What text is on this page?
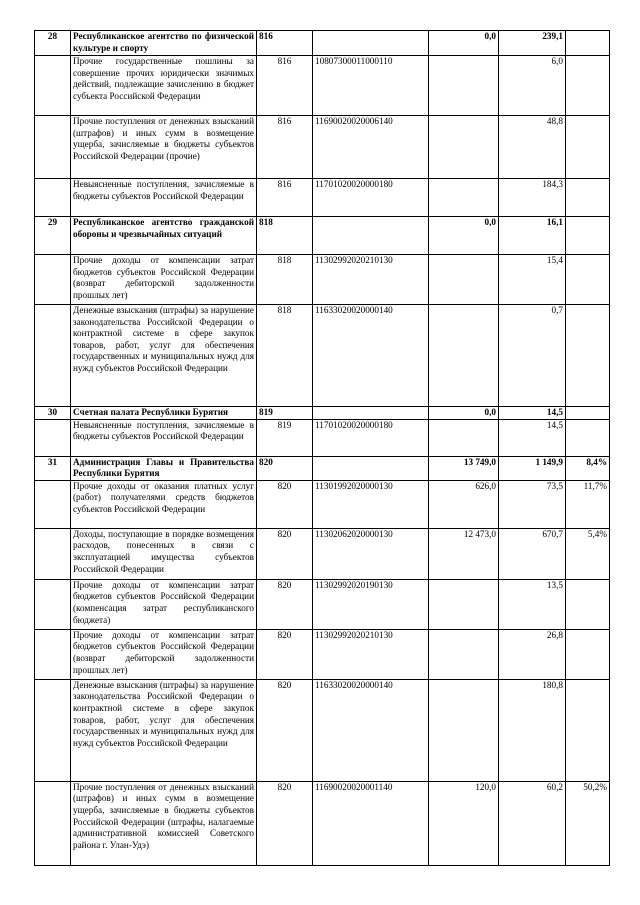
28	Республиканское агентство по физической культуре и спорту	816		0,0	239,1	
	Прочие государственные пошлины за совершение прочих юридически значимых действий, подлежащие зачислению в бюджет субъекта Российской Федерации	816	10807300011000110		6,0	
	Прочие поступления от денежных взысканий (штрафов) и иных сумм в возмещение ущерба, зачисляемые в бюджеты субъектов Российской Федерации (прочие)	816	11690020020006140		48,8	
	Невыясненные поступления, зачисляемые в бюджеты субъектов Российской Федерации	816	11701020020000180		184,3	
29	Республиканское агентство гражданской обороны и чрезвычайных ситуаций	818		0,0	16,1	
	Прочие доходы от компенсации затрат бюджетов субъектов Российской Федерации (возврат дебиторской задолженности прошлых лет)	818	11302992020210130		15,4	
	Денежные взыскания (штрафы) за нарушение законодательства Российской Федерации о контрактной системе в сфере закупок товаров, работ, услуг для обеспечения государственных и муниципальных нужд для нужд субъектов Российской Федерации	818	11633020020000140		0,7	
30	Счетная палата Республики Бурятия	819		0,0	14,5	
	Невыясненные поступления, зачисляемые в бюджеты субъектов Российской Федерации	819	11701020020000180		14,5	
31	Администрация Главы и Правительства Республики Бурятия	820		13 749,0	1 149,9	8,4%
	Прочие доходы от оказания платных услуг (работ) получателями средств бюджетов субъектов Российской Федерации	820	11301992020000130	626,0	73,5	11,7%
	Доходы, поступающие в порядке возмещения расходов, понесенных в связи с эксплуатацией имущества субъектов Российской Федерации	820	11302062020000130	12 473,0	670,7	5,4%
	Прочие доходы от компенсации затрат бюджетов субъектов Российской Федерации (компенсация затрат республиканского бюджета)	820	11302992020190130		13,5	
	Прочие доходы от компенсации затрат бюджетов субъектов Российской Федерации (возврат дебиторской задолженности прошлых лет)	820	11302992020210130		26,8	
	Денежные взыскания (штрафы) за нарушение законодательства Российской Федерации о контрактной системе в сфере закупок товаров, работ, услуг для обеспечения государственных и муниципальных нужд для нужд субъектов Российской Федерации	820	11633020020000140		180,8	
	Прочие поступления от денежных взысканий (штрафов) и иных сумм в возмещение ущерба, зачисляемые в бюджеты субъектов Российской Федерации (штрафы, налагаемые административной комиссией Советского района г. Улан-Удэ)	820	11690020020001140	120,0	60,2	50,2%
